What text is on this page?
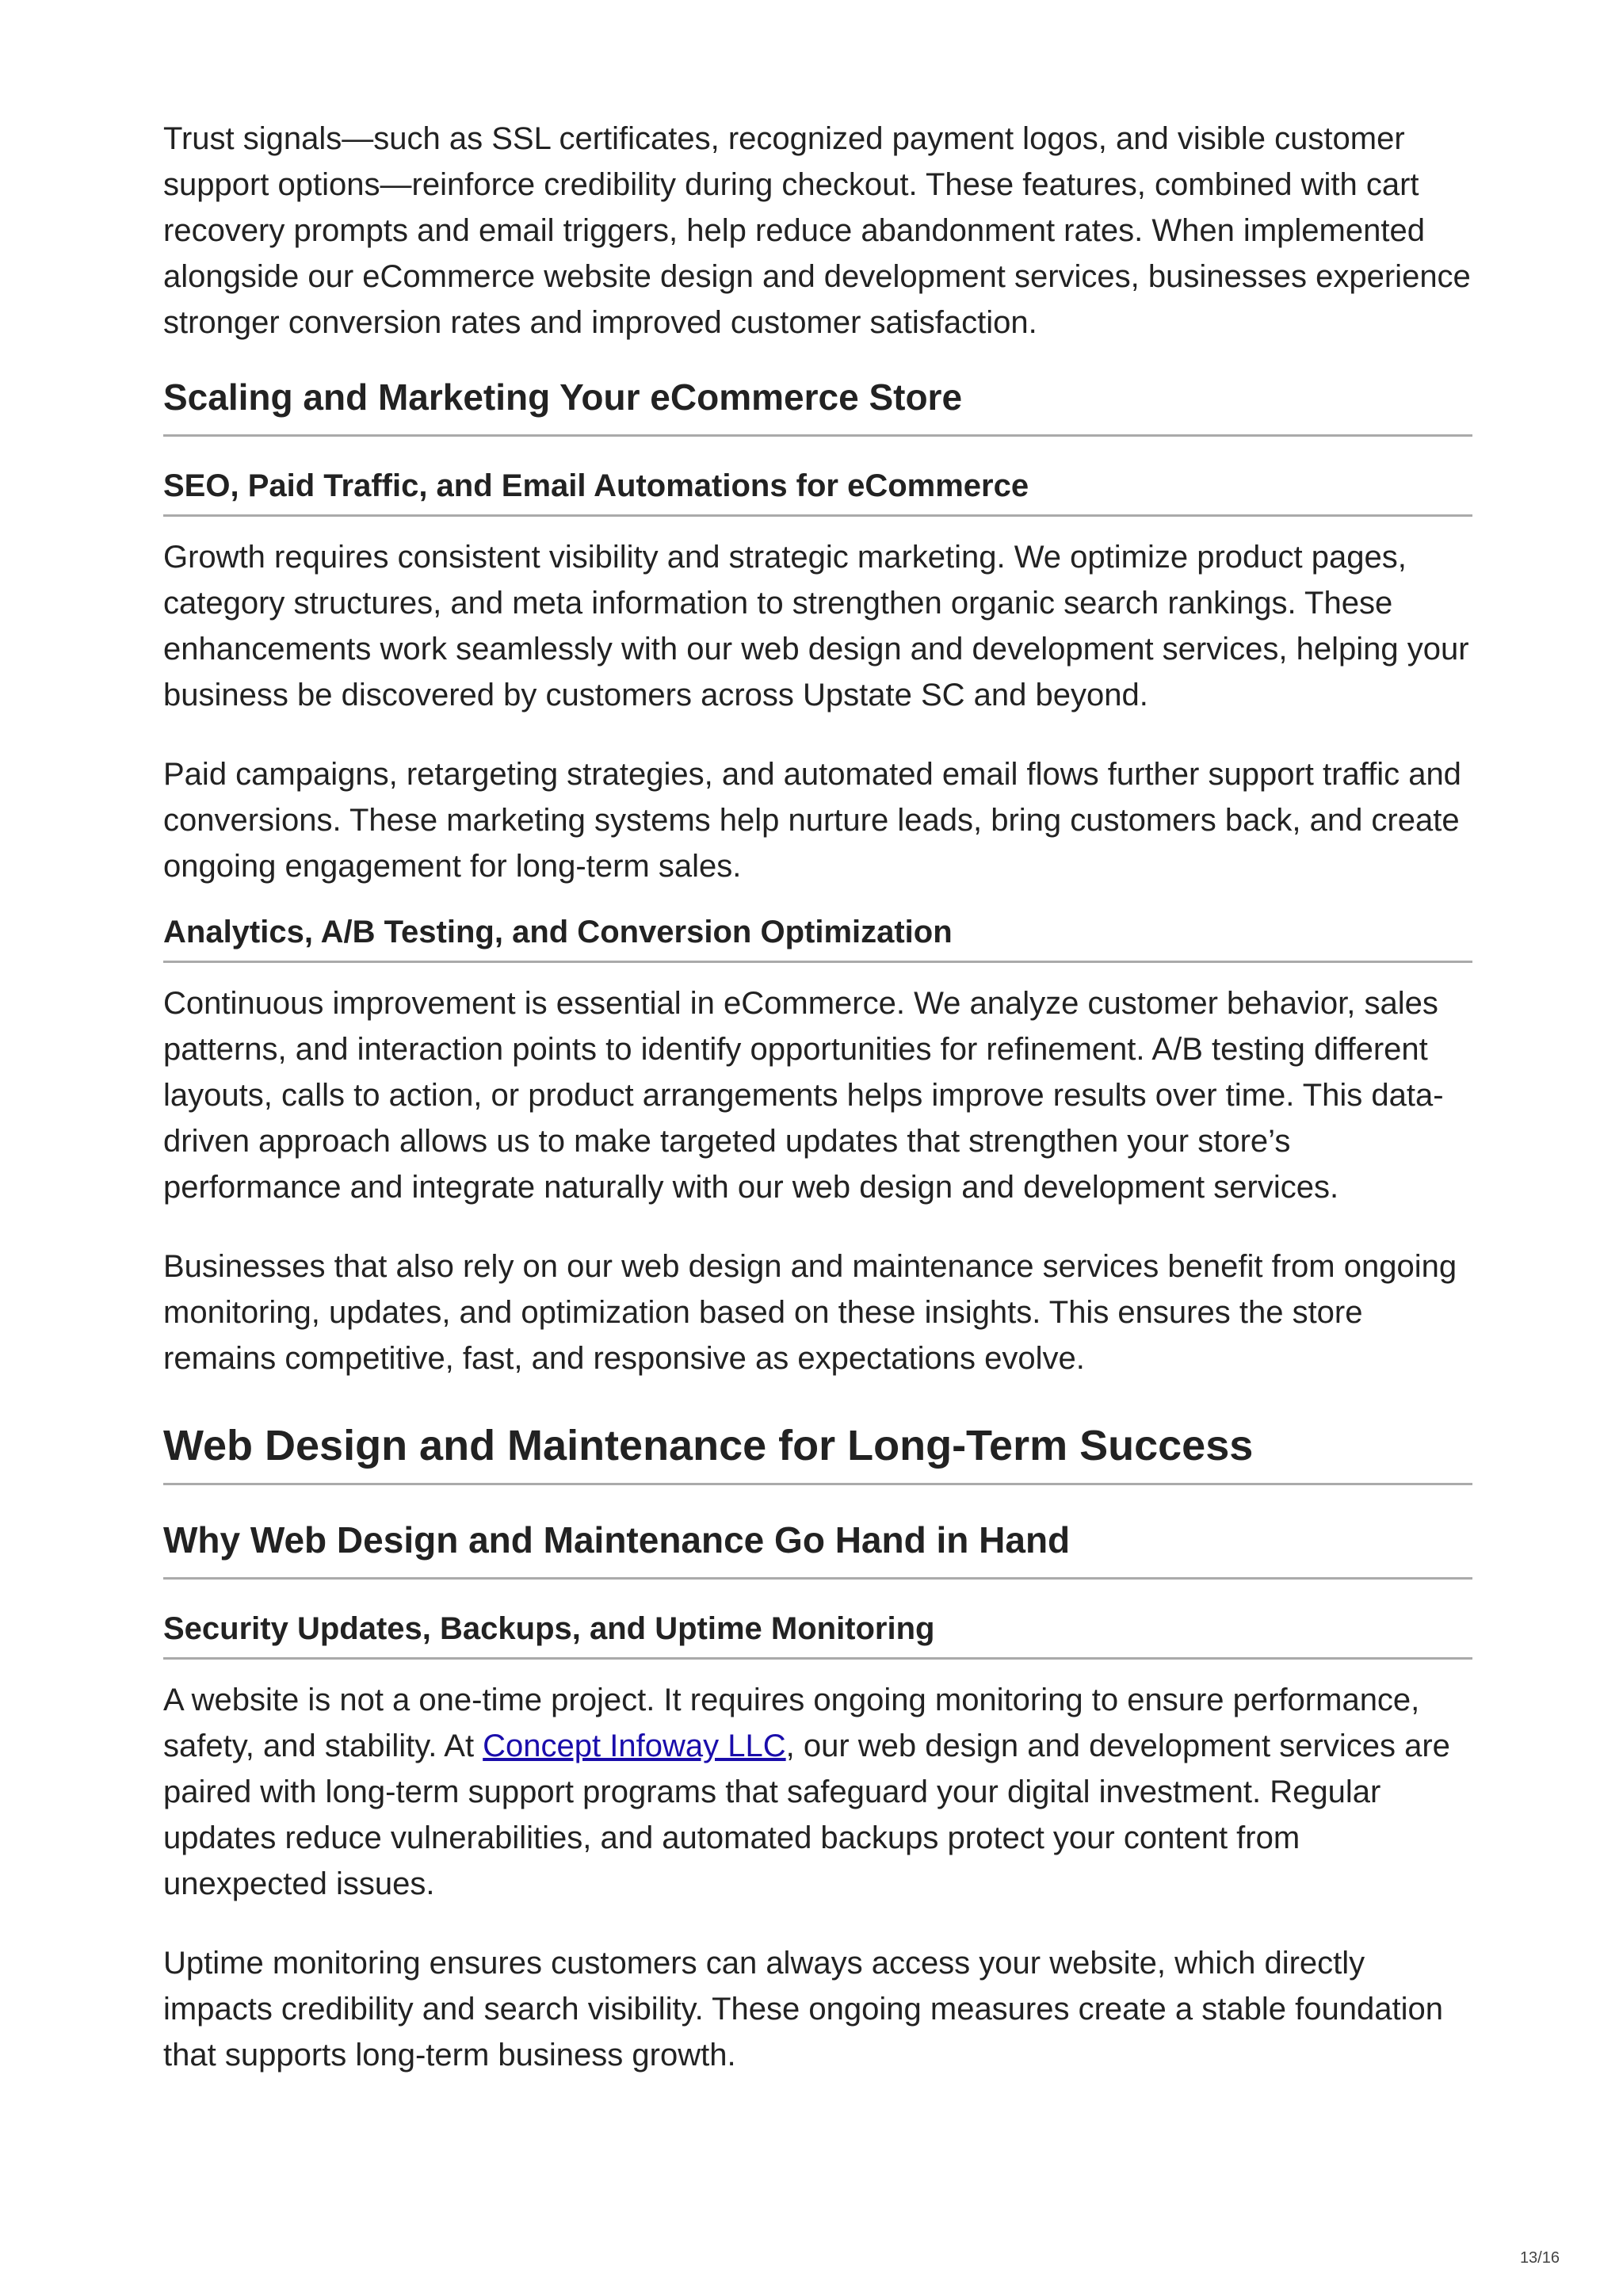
Trust signals—such as SSL certificates, recognized payment logos, and visible customer support options—reinforce credibility during checkout. These features, combined with cart recovery prompts and email triggers, help reduce abandonment rates. When implemented alongside our eCommerce website design and development services, businesses experience stronger conversion rates and improved customer satisfaction.

Scaling and Marketing Your eCommerce Store
SEO, Paid Traffic, and Email Automations for eCommerce

Growth requires consistent visibility and strategic marketing. We optimize product pages, category structures, and meta information to strengthen organic search rankings. These enhancements work seamlessly with our web design and development services, helping your business be discovered by customers across Upstate SC and beyond.

Paid campaigns, retargeting strategies, and automated email flows further support traffic and conversions. These marketing systems help nurture leads, bring customers back, and create ongoing engagement for long-term sales.

Analytics, A/B Testing, and Conversion Optimization

Continuous improvement is essential in eCommerce. We analyze customer behavior, sales patterns, and interaction points to identify opportunities for refinement. A/B testing different layouts, calls to action, or product arrangements helps improve results over time. This data-driven approach allows us to make targeted updates that strengthen your store’s performance and integrate naturally with our web design and development services.

Businesses that also rely on our web design and maintenance services benefit from ongoing monitoring, updates, and optimization based on these insights. This ensures the store remains competitive, fast, and responsive as expectations evolve.

Web Design and Maintenance for Long-Term Success
Why Web Design and Maintenance Go Hand in Hand
Security Updates, Backups, and Uptime Monitoring

A website is not a one-time project. It requires ongoing monitoring to ensure performance, safety, and stability. At Concept Infoway LLC, our web design and development services are paired with long-term support programs that safeguard your digital investment. Regular updates reduce vulnerabilities, and automated backups protect your content from unexpected issues.

Uptime monitoring ensures customers can always access your website, which directly impacts credibility and search visibility. These ongoing measures create a stable foundation that supports long-term business growth.

13/16
